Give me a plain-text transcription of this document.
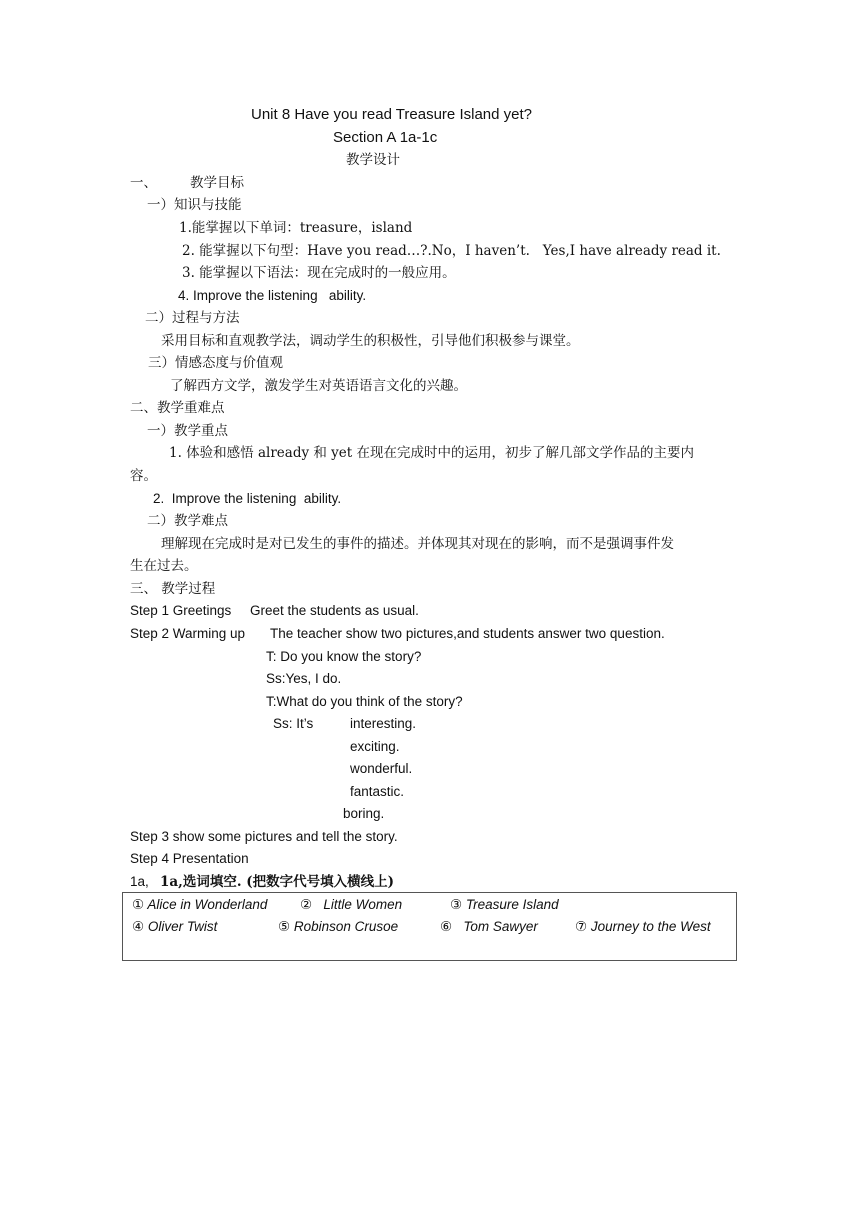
Unit 8 Have you read Treasure Island yet?
Section A 1a-1c
教学设计
一、 教学目标
一）知识与技能
1.能掌握以下单词：treasure，island
2. 能掌握以下句型：Have you read…?.No，I haven’t.   Yes,I have already read it.
3. 能掌握以下语法：现在完成时的一般应用。
4. Improve the listening   ability.
二）过程与方法
采用目标和直观教学法，调动学生的积极性，引导他们积极参与课堂。
三）情感态度与价值观
了解西方文学，激发学生对英语语言文化的兴趣。
二、教学重难点
一）教学重点
1. 体验和感悟 already 和 yet 在现在完成时中的运用，初步了解几部文学作品的主要内
容。
2.  Improve the listening  ability.
二）教学难点
理解现在完成时是对已发生的事件的描述。并体现其对现在的影响，而不是强调事件发
生在过去。
三、 教学过程
Step 1 Greetings Greet the students as usual.
Step 2 Warming up The teacher show two pictures,and students answer two question.
T: Do you know the story?
Ss:Yes, I do.
T:What do you think of the story?
Ss: It’s	interesting.
exciting.
wonderful.
fantastic.
boring.
Step 3 show some pictures and tell the story.
Step 4 Presentation
1a, 1a,选词填空. (把数字代号填入横线上)
① Alice in Wonderland ②   Little Women	③ Treasure Island
④ Oliver Twist	⑤ Robinson Crusoe	⑥   Tom Sawyer	⑦ Journey to the West
